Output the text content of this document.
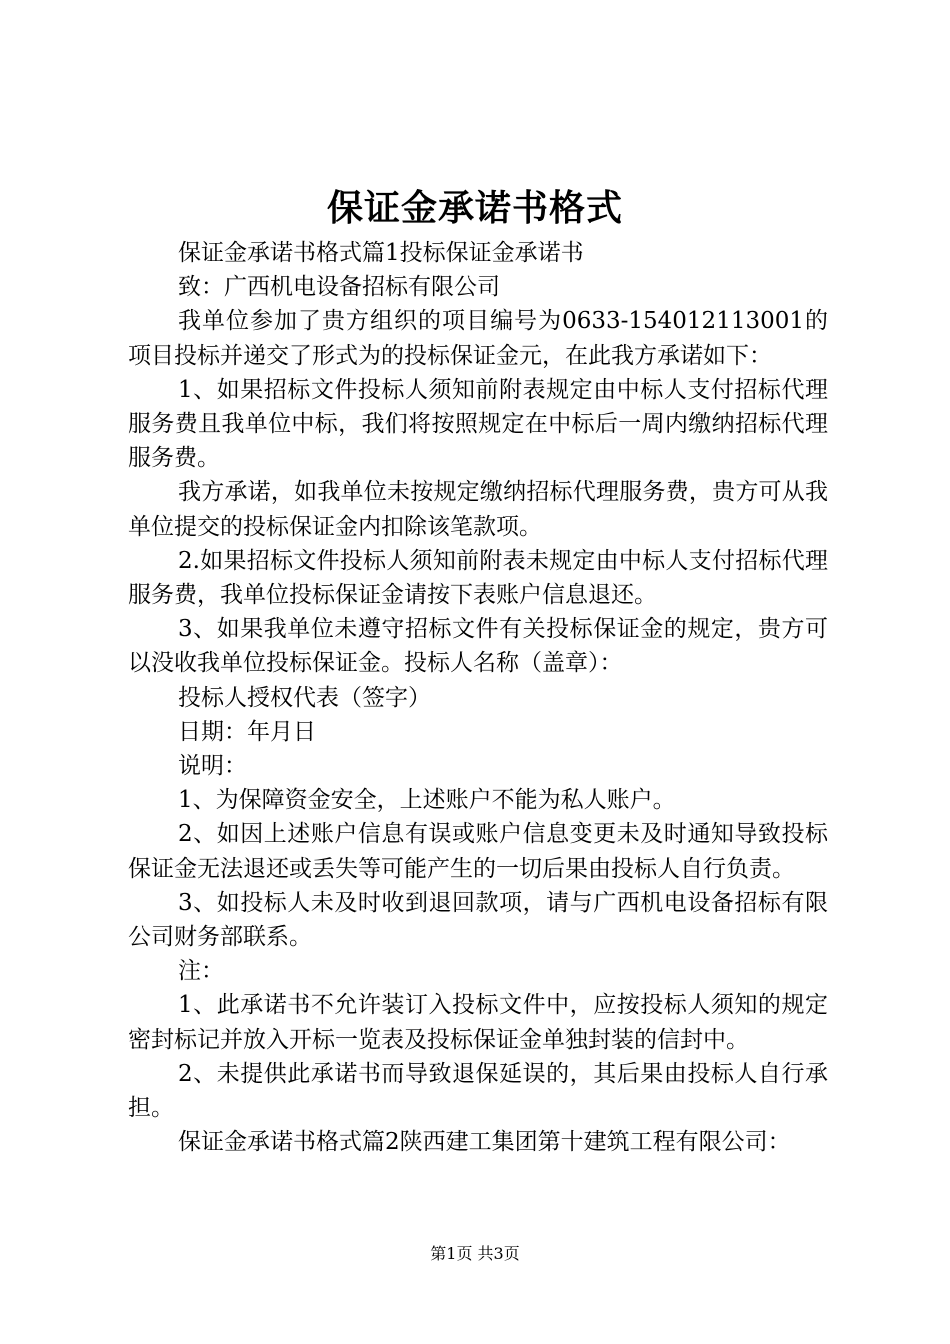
保证金承诺书格式

保证金承诺书格式篇1投标保证金承诺书

致：广西机电设备招标有限公司

我单位参加了贵方组织的项目编号为0633-154012113001的项目投标并递交了形式为的投标保证金元，在此我方承诺如下：

1、如果招标文件投标人须知前附表规定由中标人支付招标代理服务费且我单位中标，我们将按照规定在中标后一周内缴纳招标代理服务费。

我方承诺，如我单位未按规定缴纳招标代理服务费，贵方可从我单位提交的投标保证金内扣除该笔款项。

2.如果招标文件投标人须知前附表未规定由中标人支付招标代理服务费，我单位投标保证金请按下表账户信息退还。

3、如果我单位未遵守招标文件有关投标保证金的规定，贵方可以没收我单位投标保证金。投标人名称（盖章）：

投标人授权代表（签字）

日期：年月日

说明：

1、为保障资金安全，上述账户不能为私人账户。

2、如因上述账户信息有误或账户信息变更未及时通知导致投标保证金无法退还或丢失等可能产生的一切后果由投标人自行负责。

3、如投标人未及时收到退回款项，请与广西机电设备招标有限公司财务部联系。

注：

1、此承诺书不允许装订入投标文件中，应按投标人须知的规定密封标记并放入开标一览表及投标保证金单独封装的信封中。

2、未提供此承诺书而导致退保延误的，其后果由投标人自行承担。

保证金承诺书格式篇2陕西建工集团第十建筑工程有限公司：

第1页 共3页
